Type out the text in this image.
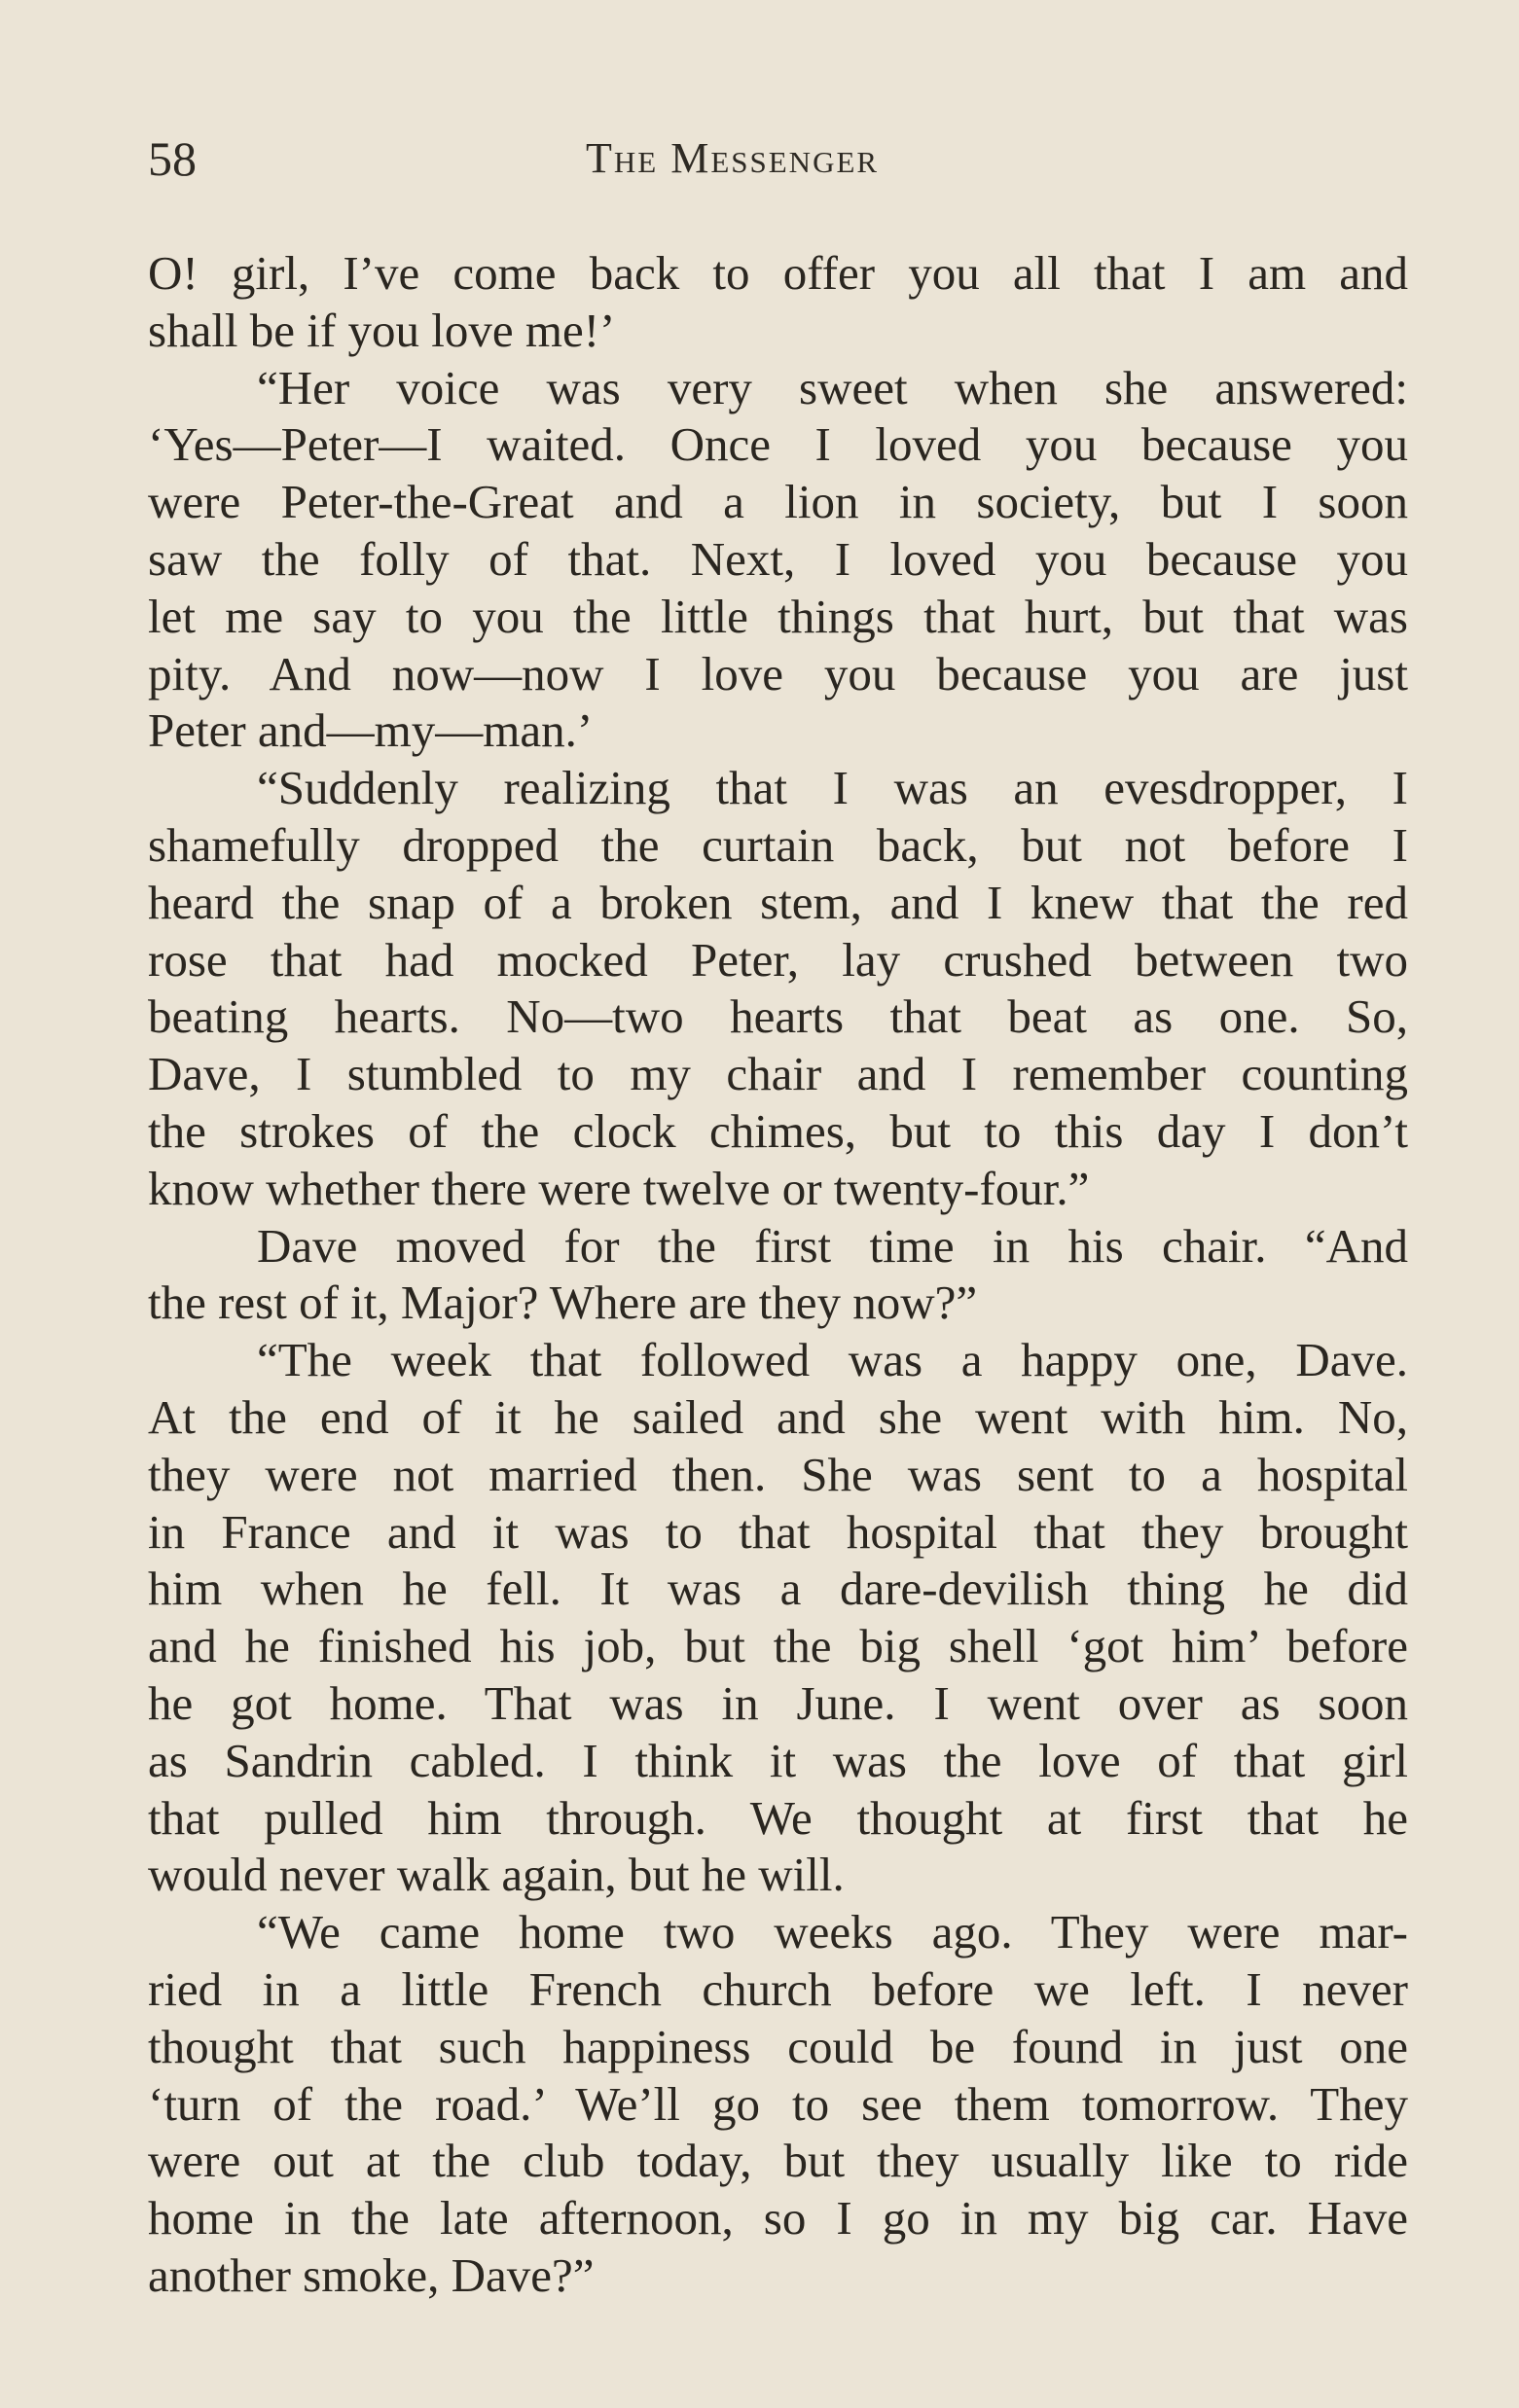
58	The Messenger
O! girl, I’ve come back to offer you all that I am and
shall be if you love me!’
“Her voice was very sweet when she answered:
‘Yes—Peter—I waited. Once I loved you because you
were Peter-the-Great and a lion in society, but I soon
saw the folly of that. Next, I loved you because you
let me say to you the little things that hurt, but that was
pity. And now—now I love you because you are just
Peter and—my—man.’
“Suddenly realizing that I was an evesdropper, I
shamefully dropped the curtain back, but not before I
heard the snap of a broken stem, and I knew that the red
rose that had mocked Peter, lay crushed between two
beating hearts. No—two hearts that beat as one. So,
Dave, I stumbled to my chair and I remember counting
the strokes of the clock chimes, but to this day I don’t
know whether there were twelve or twenty-four.”
Dave moved for the first time in his chair. “And
the rest of it, Major? Where are they now?”
“The week that followed was a happy one, Dave.
At the end of it he sailed and she went with him. No,
they were not married then. She was sent to a hospital
in France and it was to that hospital that they brought
him when he fell. It was a dare-devilish thing he did
and he finished his job, but the big shell ‘got him’ before
he got home. That was in June. I went over as soon
as Sandrin cabled. I think it was the love of that girl
that pulled him through. We thought at first that he
would never walk again, but he will.
“We came home two weeks ago. They were mar-
ried in a little French church before we left. I never
thought that such happiness could be found in just one
‘turn of the road.’ We’ll go to see them tomorrow. They
were out at the club today, but they usually like to ride
home in the late afternoon, so I go in my big car. Have
another smoke, Dave?”
